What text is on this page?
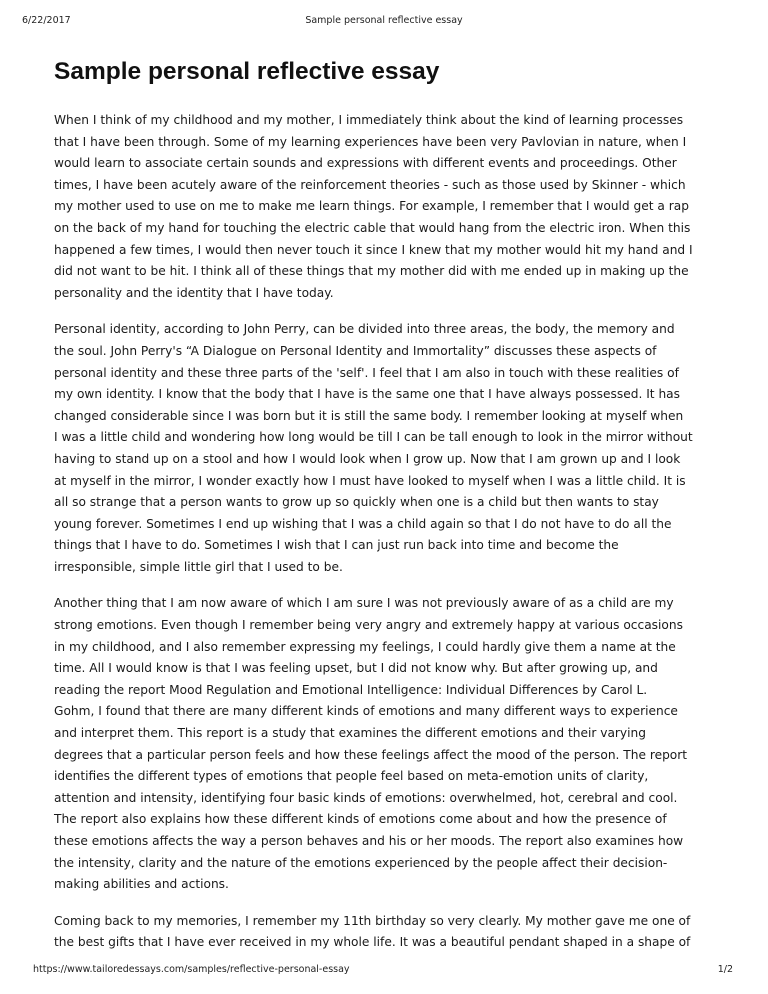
6/22/2017	Sample personal reflective essay
Sample personal reflective essay

When I think of my childhood and my mother, I immediately think about the kind of learning processes
that I have been through. Some of my learning experiences have been very Pavlovian in nature, when I
would learn to associate certain sounds and expressions with different events and proceedings. Other
times, I have been acutely aware of the reinforcement theories - such as those used by Skinner - which
my mother used to use on me to make me learn things. For example, I remember that I would get a rap
on the back of my hand for touching the electric cable that would hang from the electric iron. When this
happened a few times, I would then never touch it since I knew that my mother would hit my hand and I
did not want to be hit. I think all of these things that my mother did with me ended up in making up the
personality and the identity that I have today.

Personal identity, according to John Perry, can be divided into three areas, the body, the memory and
the soul. John Perry's “A Dialogue on Personal Identity and Immortality” discusses these aspects of
personal identity and these three parts of the 'self'. I feel that I am also in touch with these realities of
my own identity. I know that the body that I have is the same one that I have always possessed. It has
changed considerable since I was born but it is still the same body. I remember looking at myself when
I was a little child and wondering how long would be till I can be tall enough to look in the mirror without
having to stand up on a stool and how I would look when I grow up. Now that I am grown up and I look
at myself in the mirror, I wonder exactly how I must have looked to myself when I was a little child. It is
all so strange that a person wants to grow up so quickly when one is a child but then wants to stay
young forever. Sometimes I end up wishing that I was a child again so that I do not have to do all the
things that I have to do. Sometimes I wish that I can just run back into time and become the
irresponsible, simple little girl that I used to be.

Another thing that I am now aware of which I am sure I was not previously aware of as a child are my
strong emotions. Even though I remember being very angry and extremely happy at various occasions
in my childhood, and I also remember expressing my feelings, I could hardly give them a name at the
time. All I would know is that I was feeling upset, but I did not know why. But after growing up, and
reading the report Mood Regulation and Emotional Intelligence: Individual Differences by Carol L.
Gohm, I found that there are many different kinds of emotions and many different ways to experience
and interpret them. This report is a study that examines the different emotions and their varying
degrees that a particular person feels and how these feelings affect the mood of the person. The report
identifies the different types of emotions that people feel based on meta-emotion units of clarity,
attention and intensity, identifying four basic kinds of emotions: overwhelmed, hot, cerebral and cool.
The report also explains how these different kinds of emotions come about and how the presence of
these emotions affects the way a person behaves and his or her moods. The report also examines how
the intensity, clarity and the nature of the emotions experienced by the people affect their decision-
making abilities and actions.

Coming back to my memories, I remember my 11th birthday so very clearly. My mother gave me one of
the best gifts that I have ever received in my whole life. It was a beautiful pendant shaped in a shape of

https://www.tailoredessays.com/samples/reflective-personal-essay	1/2
